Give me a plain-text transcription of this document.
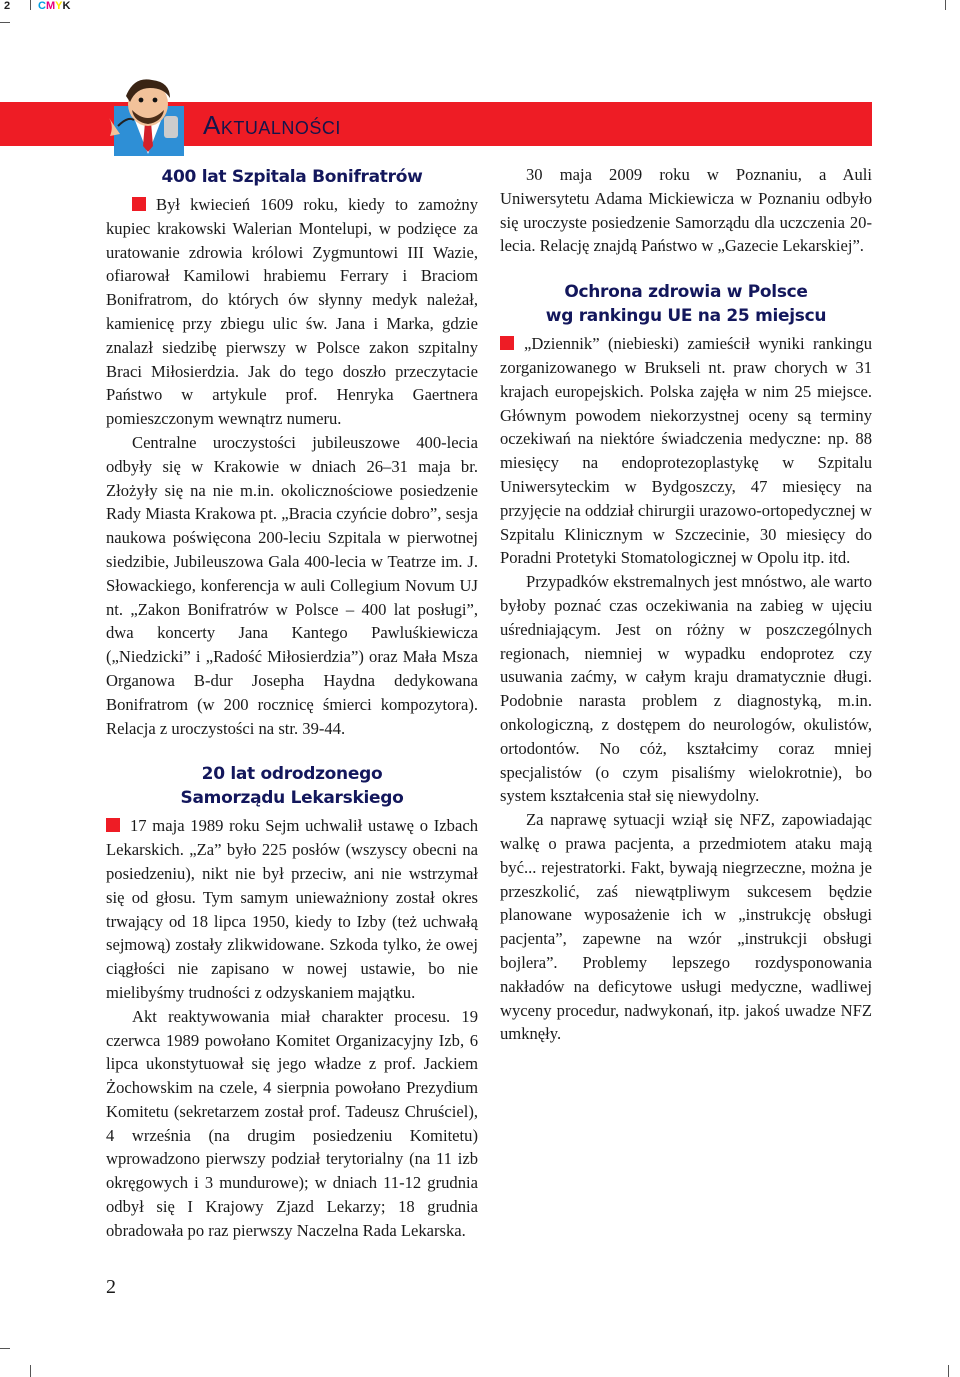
2	CMYK
Aktualności
400 lat Szpitala Bonifratrów

Był kwiecień 1609 roku, kiedy to zamożny kupiec krakowski Walerian Montelupi, w podzięce za uratowanie zdrowia królowi Zygmuntowi III Wazie, ofiarował Kamilowi hrabiemu Ferrary i Braciom Bonifratrom, do których ów słynny medyk należał, kamienicę przy zbiegu ulic św. Jana i Marka, gdzie znalazł siedzibę pierwszy w Polsce zakon szpitalny Braci Miłosierdzia. Jak do tego doszło przeczytacie Państwo w artykule prof. Henryka Gaertnera pomieszczonym wewnątrz numeru.

Centralne uroczystości jubileuszowe 400-lecia odbyły się w Krakowie w dniach 26–31 maja br. Złożyły się na nie m.in. okolicznościowe posiedzenie Rady Miasta Krakowa pt. „Bracia czyńcie dobro”, sesja naukowa poświęcona 200-leciu Szpitala w pierwotnej siedzibie, Jubileuszowa Gala 400-lecia w Teatrze im. J. Słowackiego, konferencja w auli Collegium Novum UJ nt. „Zakon Bonifratrów w Polsce – 400 lat posługi”, dwa koncerty Jana Kantego Pawluśkiewicza („Niedzicki” i „Radość Miłosierdzia”) oraz Mała Msza Organowa B-dur Josepha Haydna dedykowana Bonifratrom (w 200 rocznicę śmierci kompozytora). Relacja z uroczystości na str. 39-44.

20 lat odrodzonego
Samorządu Lekarskiego

17 maja 1989 roku Sejm uchwalił ustawę o Izbach Lekarskich. „Za” było 225 posłów (wszyscy obecni na posiedzeniu), nikt nie był przeciw, ani nie wstrzymał się od głosu. Tym samym unieważniony został okres trwający od 18 lipca 1950, kiedy to Izby (też uchwałą sejmową) zostały zlikwidowane. Szkoda tylko, że owej ciągłości nie zapisano w nowej ustawie, bo nie mielibyśmy trudności z odzyskaniem majątku.

Akt reaktywowania miał charakter procesu. 19 czerwca 1989 powołano Komitet Organizacyjny Izb, 6 lipca ukonstytuował się jego władze z prof. Jackiem Żochowskim na czele, 4 sierpnia powołano Prezydium Komitetu (sekretarzem został prof. Tadeusz Chruściel), 4 września (na drugim posiedzeniu Komitetu) wprowadzono pierwszy podział terytorialny (na 11 izb okręgowych i 3 mundurowe); w dniach 11-12 grudnia odbył się I Krajowy Zjazd Lekarzy; 18 grudnia obradowała po raz pierwszy Naczelna Rada Lekarska.

30 maja 2009 roku w Poznaniu, a Auli Uniwersytetu Adama Mickiewicza w Poznaniu odbyło się uroczyste posiedzenie Samorządu dla uczczenia 20-lecia. Relację znajdą Państwo w „Gazecie Lekarskiej”.

Ochrona zdrowia w Polsce
wg rankingu UE na 25 miejscu

„Dziennik” (niebieski) zamieścił wyniki rankingu zorganizowanego w Brukseli nt. praw chorych w 31 krajach europejskich. Polska zajęła w nim 25 miejsce. Głównym powodem niekorzystnej oceny są terminy oczekiwań na niektóre świadczenia medyczne: np. 88 miesięcy na endoprotezoplastykę w Szpitalu Uniwersyteckim w Bydgoszczy, 47 miesięcy na przyjęcie na oddział chirurgii urazowo-ortopedycznej w Szpitalu Klinicznym w Szczecinie, 30 miesięcy do Poradni Protetyki Stomatologicznej w Opolu itp. itd.

Przypadków ekstremalnych jest mnóstwo, ale warto byłoby poznać czas oczekiwania na zabieg w ujęciu uśredniającym. Jest on różny w poszczególnych regionach, niemniej w wypadku endoprotez czy usuwania zaćmy, w całym kraju dramatycznie długi. Podobnie narasta problem z diagnostyką, m.in. onkologiczną, z dostępem do neurologów, okulistów, ortodontów. No cóż, kształcimy coraz mniej specjalistów (o czym pisaliśmy wielokrotnie), bo system kształcenia stał się niewydolny.

Za naprawę sytuacji wziął się NFZ, zapowiadając walkę o prawa pacjenta, a przedmiotem ataku mają być... rejestratorki. Fakt, bywają niegrzeczne, można je przeszkolić, zaś niewątpliwym sukcesem będzie planowane wyposażenie ich w „instrukcję obsługi pacjenta”, zapewne na wzór „instrukcji obsługi bojlera”. Problemy lepszego rozdysponowania nakładów na deficytowe usługi medyczne, wadliwej wyceny procedur, nadwykonań, itp. jakoś uwadze NFZ umknęły.

2
